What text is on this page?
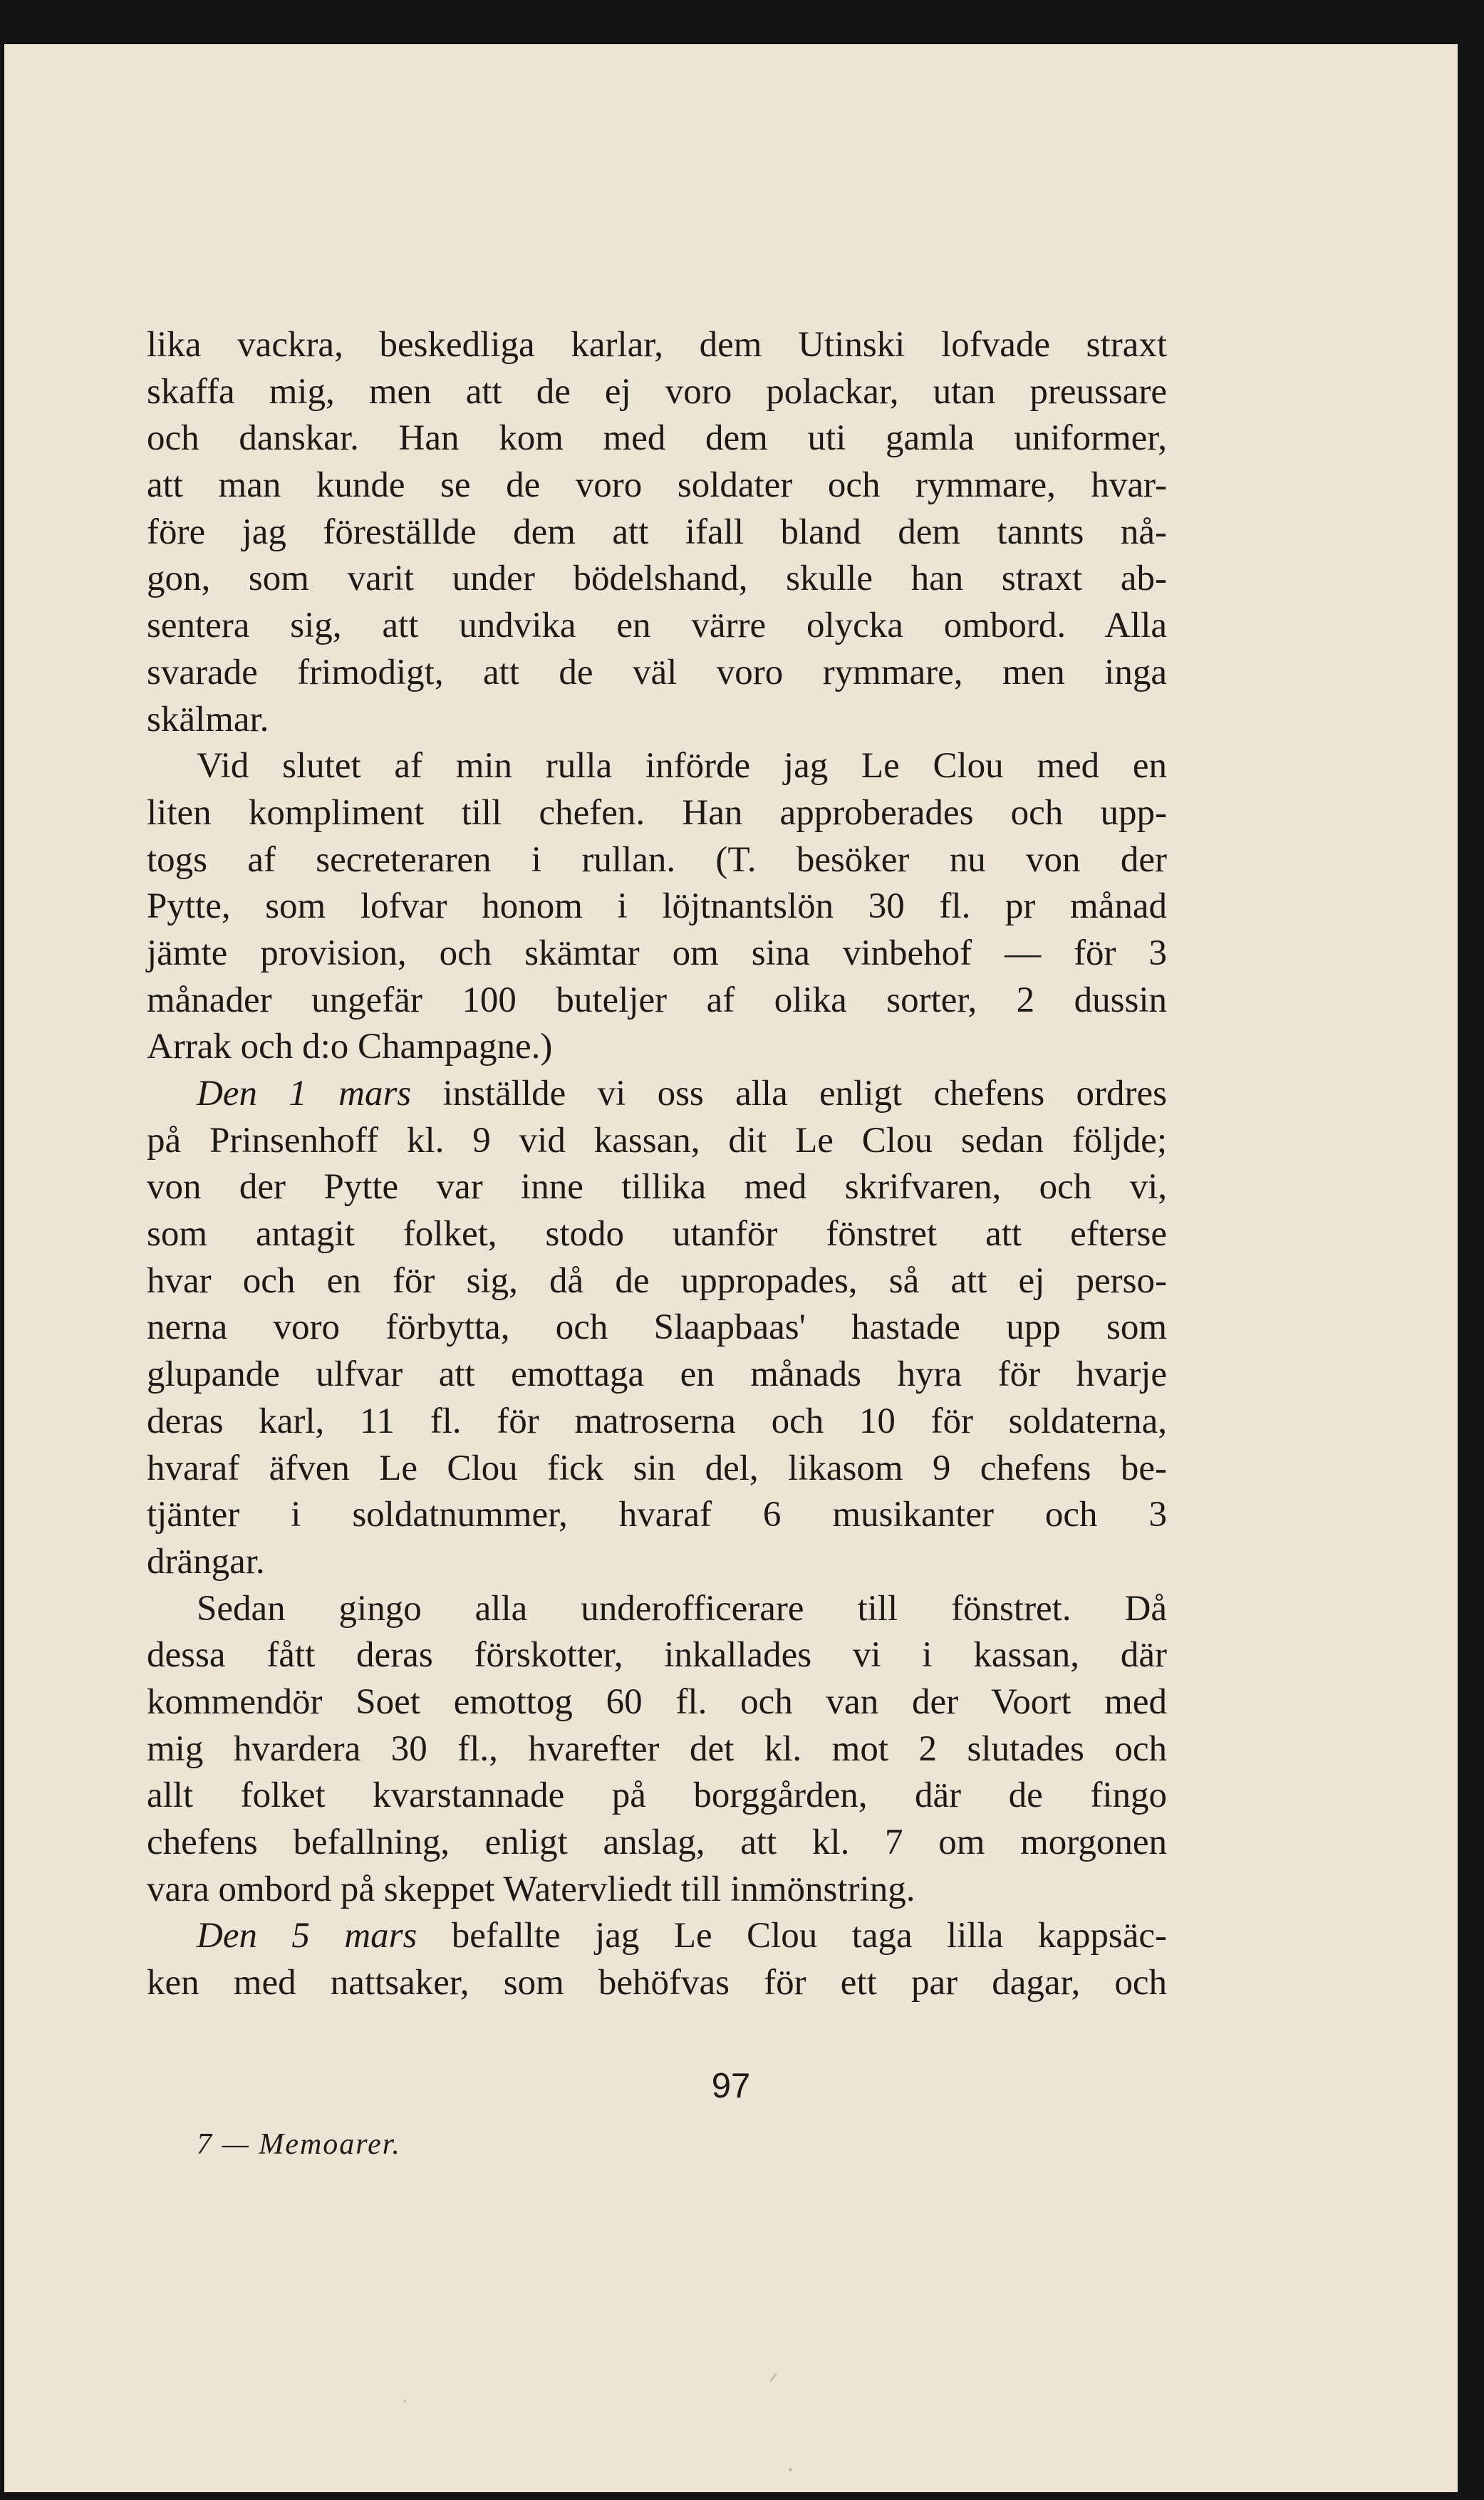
lika vackra, beskedliga karlar, dem Utinski lofvade straxt
skaffa mig, men att de ej voro polackar, utan preussare
och danskar. Han kom med dem uti gamla uniformer,
att man kunde se de voro soldater och rymmare, hvar-
före jag föreställde dem att ifall bland dem tannts nå-
gon, som varit under bödelshand, skulle han straxt ab-
sentera sig, att undvika en värre olycka ombord. Alla
svarade frimodigt, att de väl voro rymmare, men inga
skälmar.
Vid slutet af min rulla införde jag Le Clou med en
liten kompliment till chefen. Han approberades och upp-
togs af secreteraren i rullan. (T. besöker nu von der
Pytte, som lofvar honom i löjtnantslön 30 fl. pr månad
jämte provision, och skämtar om sina vinbehof — för 3
månader ungefär 100 buteljer af olika sorter, 2 dussin
Arrak och d:o Champagne.)
Den 1 mars inställde vi oss alla enligt chefens ordres
på Prinsenhoff kl. 9 vid kassan, dit Le Clou sedan följde;
von der Pytte var inne tillika med skrifvaren, och vi,
som antagit folket, stodo utanför fönstret att efterse
hvar och en för sig, då de uppropades, så att ej perso-
nerna voro förbytta, och Slaapbaas' hastade upp som
glupande ulfvar att emottaga en månads hyra för hvarje
deras karl, 11 fl. för matroserna och 10 för soldaterna,
hvaraf äfven Le Clou fick sin del, likasom 9 chefens be-
tjänter i soldatnummer, hvaraf 6 musikanter och 3
drängar.
Sedan gingo alla underofficerare till fönstret. Då
dessa fått deras förskotter, inkallades vi i kassan, där
kommendör Soet emottog 60 fl. och van der Voort med
mig hvardera 30 fl., hvarefter det kl. mot 2 slutades och
allt folket kvarstannade på borggården, där de fingo
chefens befallning, enligt anslag, att kl. 7 om morgonen
vara ombord på skeppet Watervliedt till inmönstring.
Den 5 mars befallte jag Le Clou taga lilla kappsäc-
ken med nattsaker, som behöfvas för ett par dagar, och
97
7 — Memoarer.
